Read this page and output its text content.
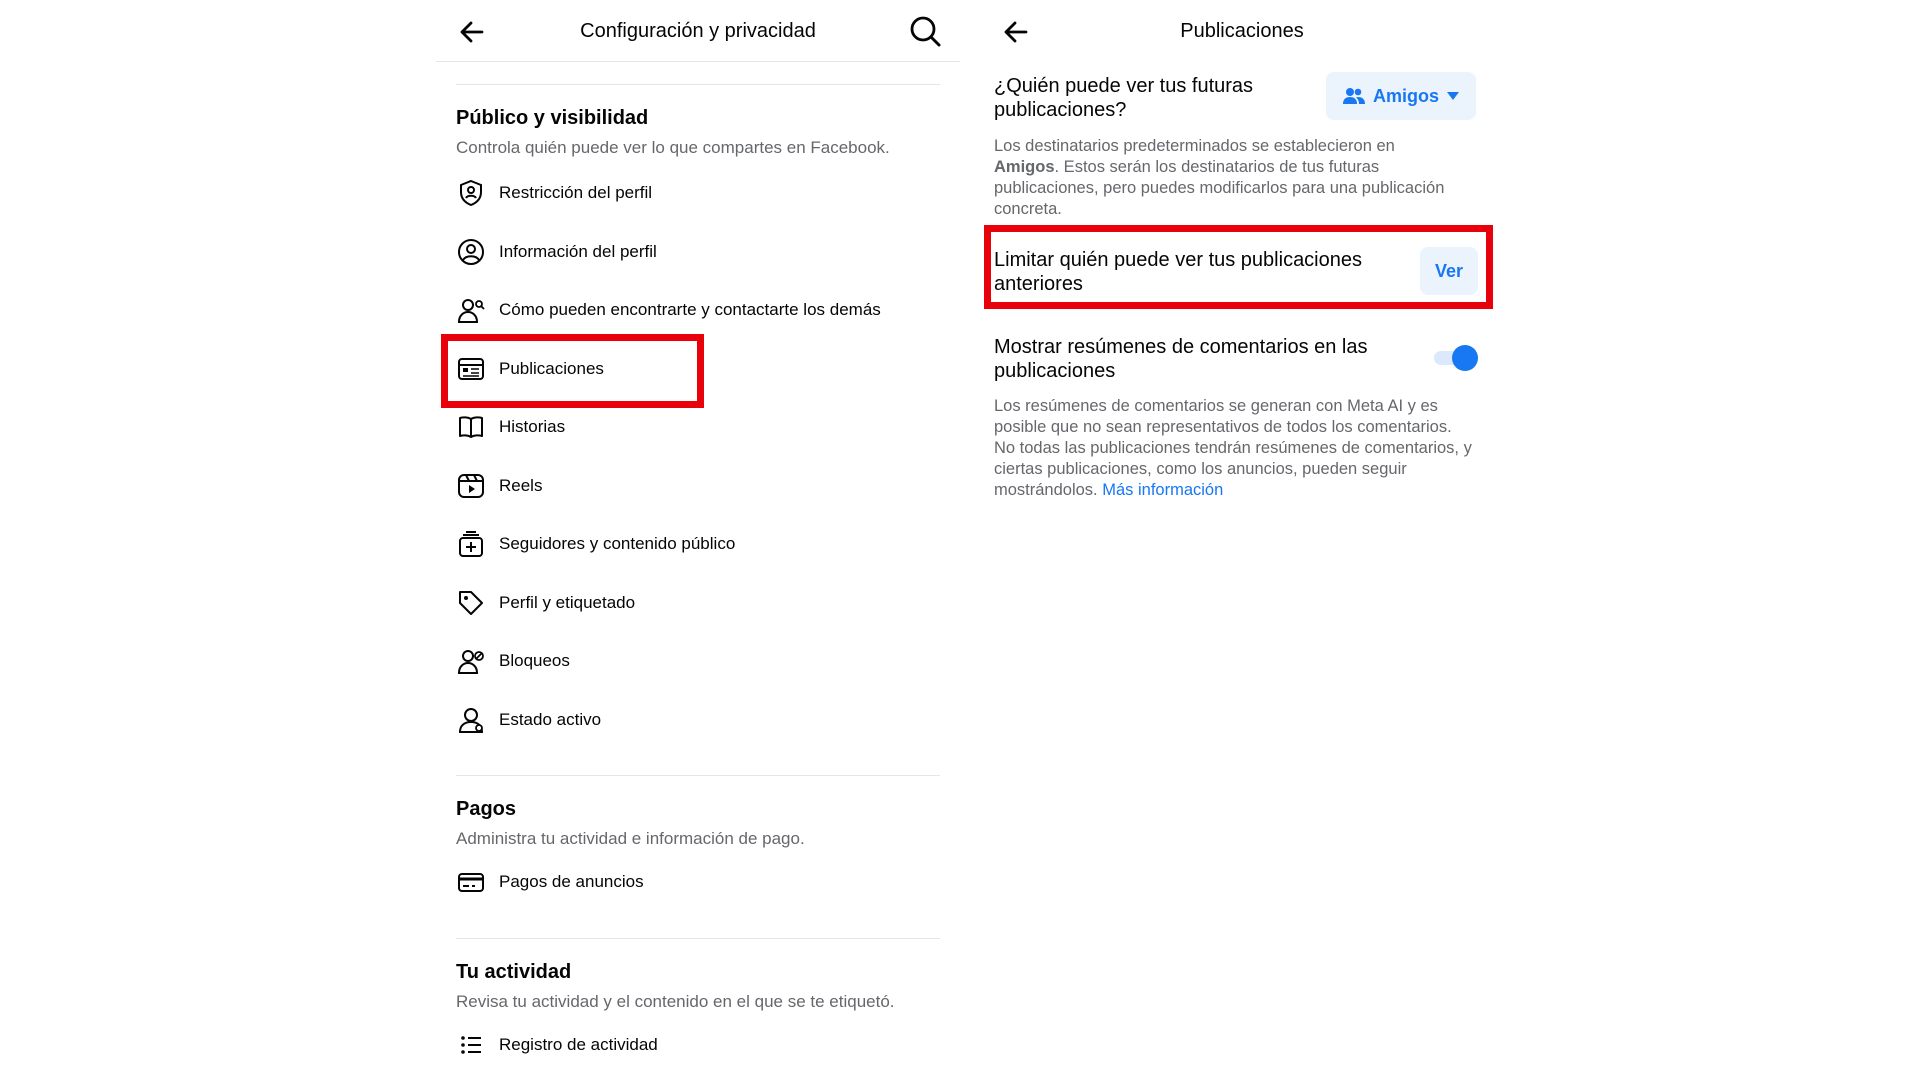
Configuración y privacidad
Público y visibilidad
Controla quién puede ver lo que compartes en Facebook.
Restricción del perfil
Información del perfil
Cómo pueden encontrarte y contactarte los demás
Publicaciones
Historias
Reels
Seguidores y contenido público
Perfil y etiquetado
Bloqueos
Estado activo
Pagos
Administra tu actividad e información de pago.
Pagos de anuncios
Tu actividad
Revisa tu actividad y el contenido en el que se te etiquetó.
Registro de actividad
Publicaciones
¿Quién puede ver tus futuras publicaciones?
Amigos
Los destinatarios predeterminados se establecieron en Amigos. Estos serán los destinatarios de tus futuras publicaciones, pero puedes modificarlos para una publicación concreta.
Limitar quién puede ver tus publicaciones anteriores
Ver
Mostrar resúmenes de comentarios en las publicaciones
Los resúmenes de comentarios se generan con Meta AI y es posible que no sean representativos de todos los comentarios. No todas las publicaciones tendrán resúmenes de comentarios, y ciertas publicaciones, como los anuncios, pueden seguir mostrándolos. Más información
